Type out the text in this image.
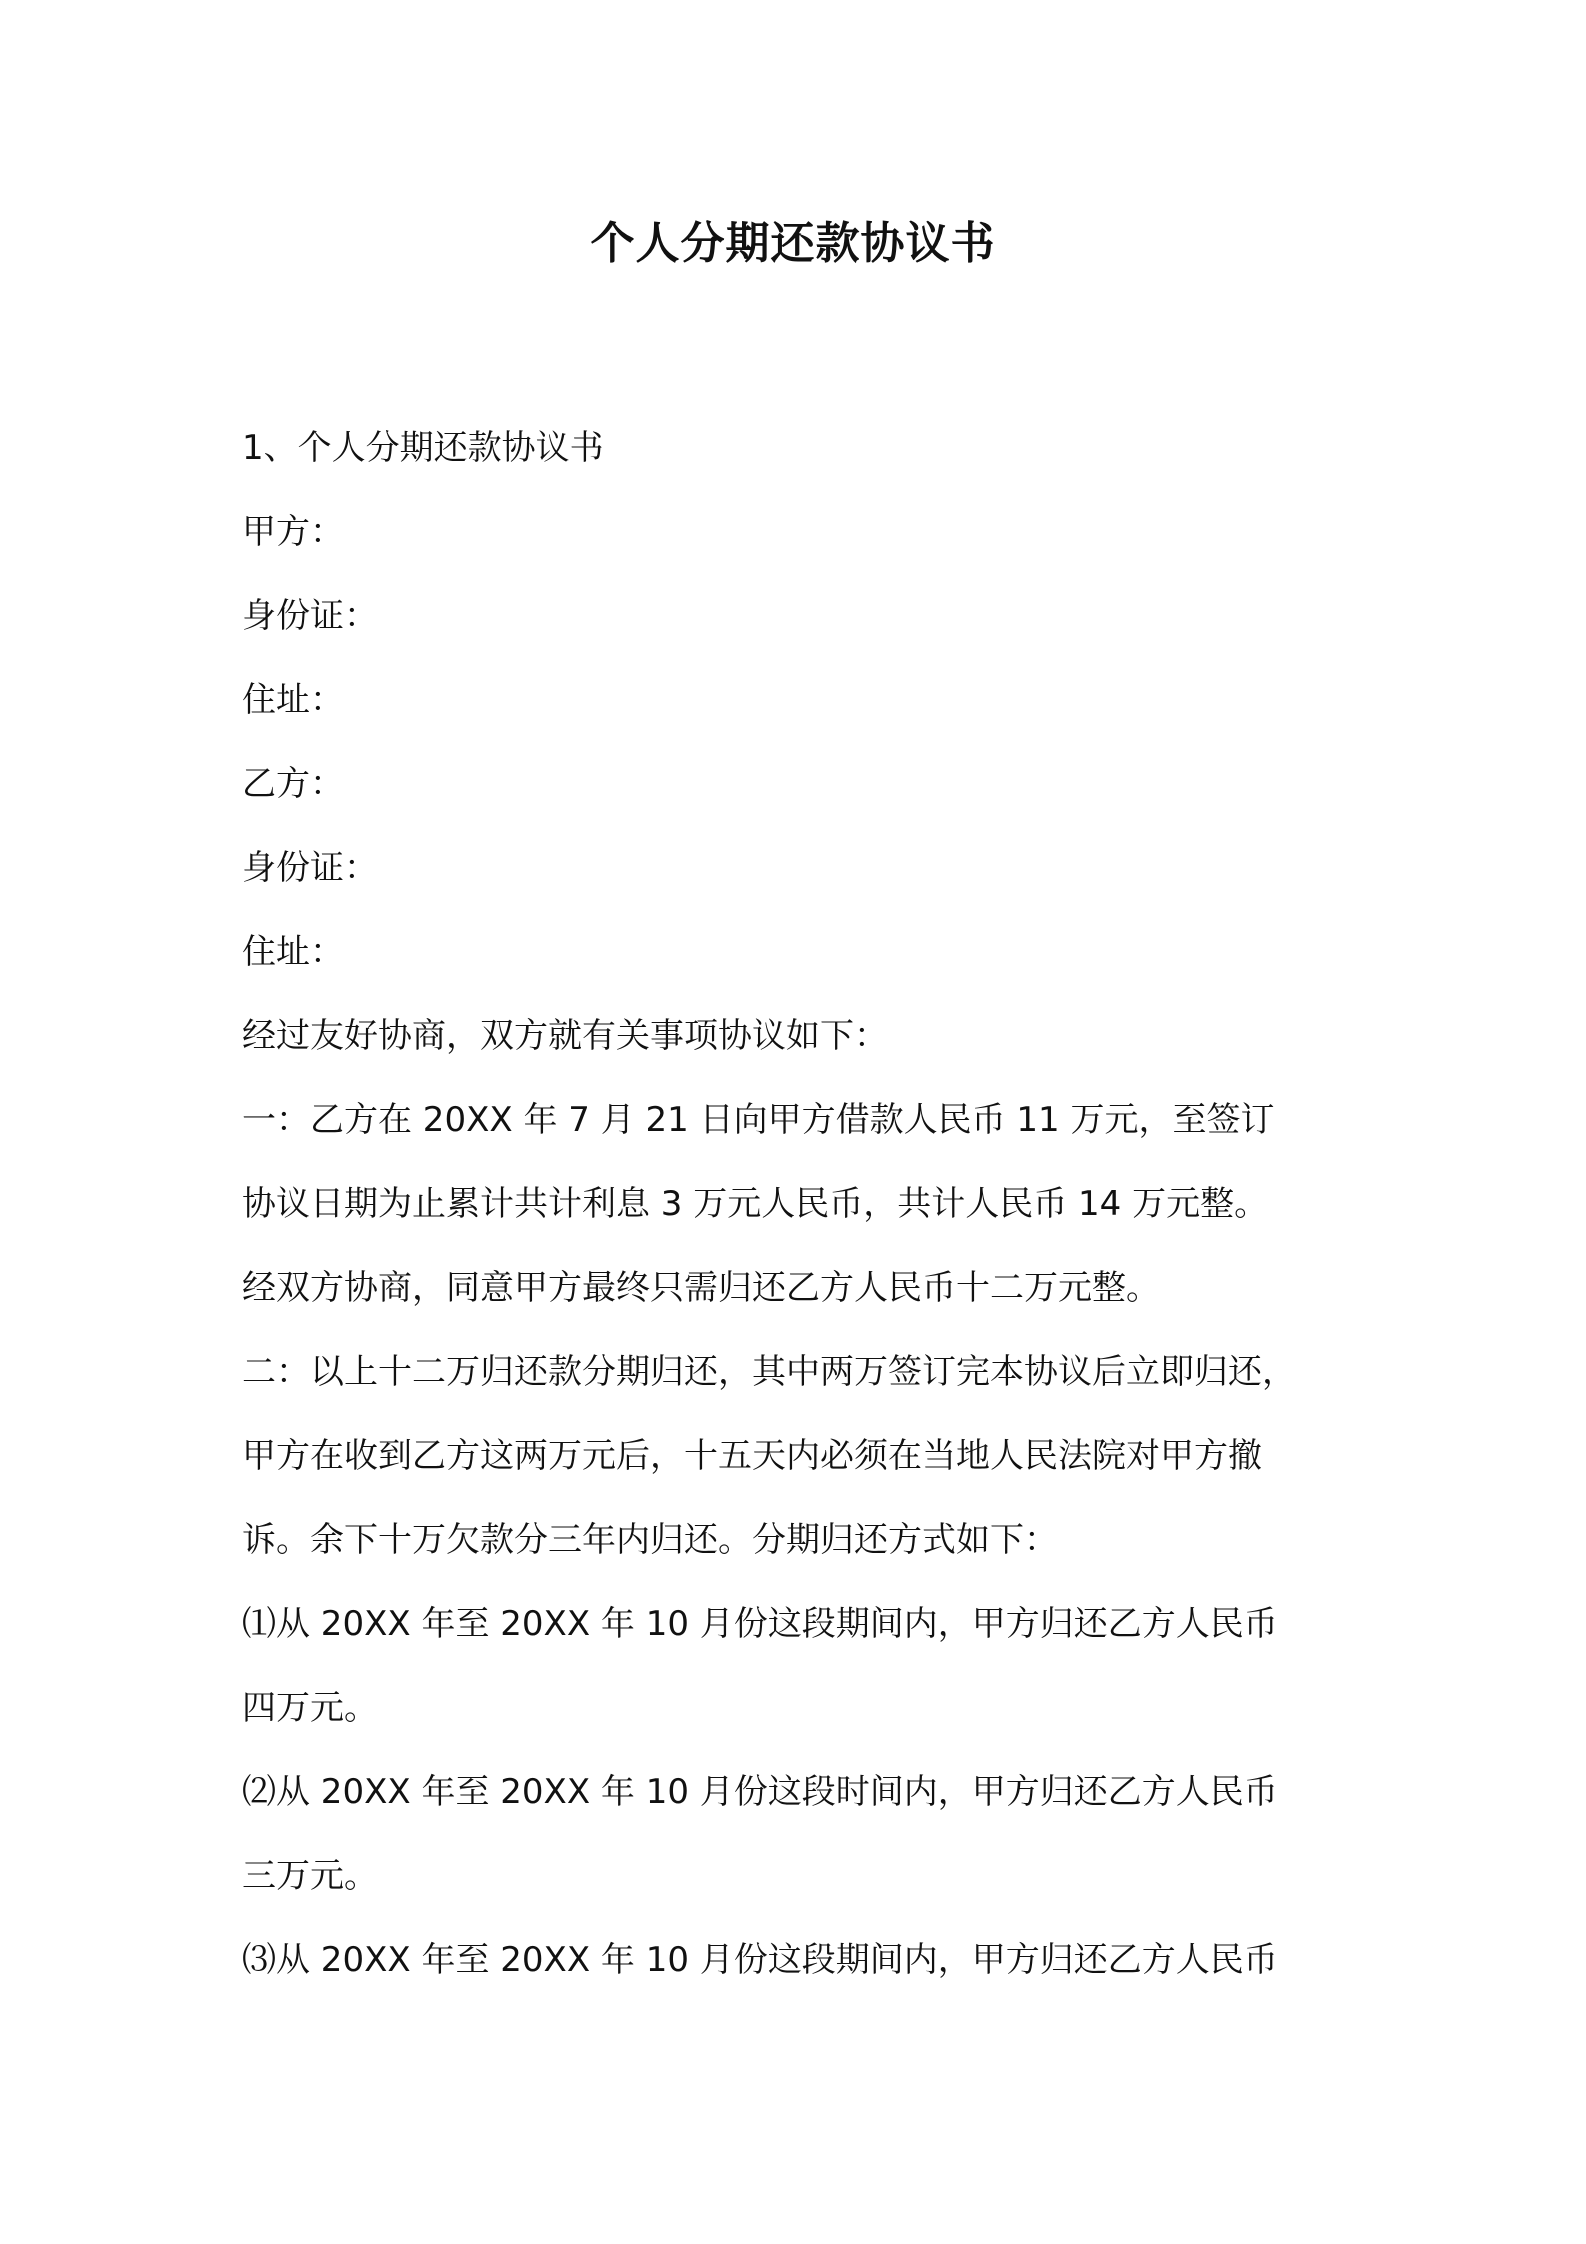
个人分期还款协议书
1、个人分期还款协议书
甲方：
身份证：
住址：
乙方：
身份证：
住址：
经过友好协商，双方就有关事项协议如下：
一：乙方在 20XX 年 7 月 21 日向甲方借款人民币 11 万元，至签订
协议日期为止累计共计利息 3 万元人民币，共计人民币 14 万元整。
经双方协商，同意甲方最终只需归还乙方人民币十二万元整。
二：以上十二万归还款分期归还，其中两万签订完本协议后立即归还，
甲方在收到乙方这两万元后，十五天内必须在当地人民法院对甲方撤
诉。余下十万欠款分三年内归还。分期归还方式如下：
⑴从 20XX 年至 20XX 年 10 月份这段期间内，甲方归还乙方人民币
四万元。
⑵从 20XX 年至 20XX 年 10 月份这段时间内，甲方归还乙方人民币
三万元。
⑶从 20XX 年至 20XX 年 10 月份这段期间内，甲方归还乙方人民币
